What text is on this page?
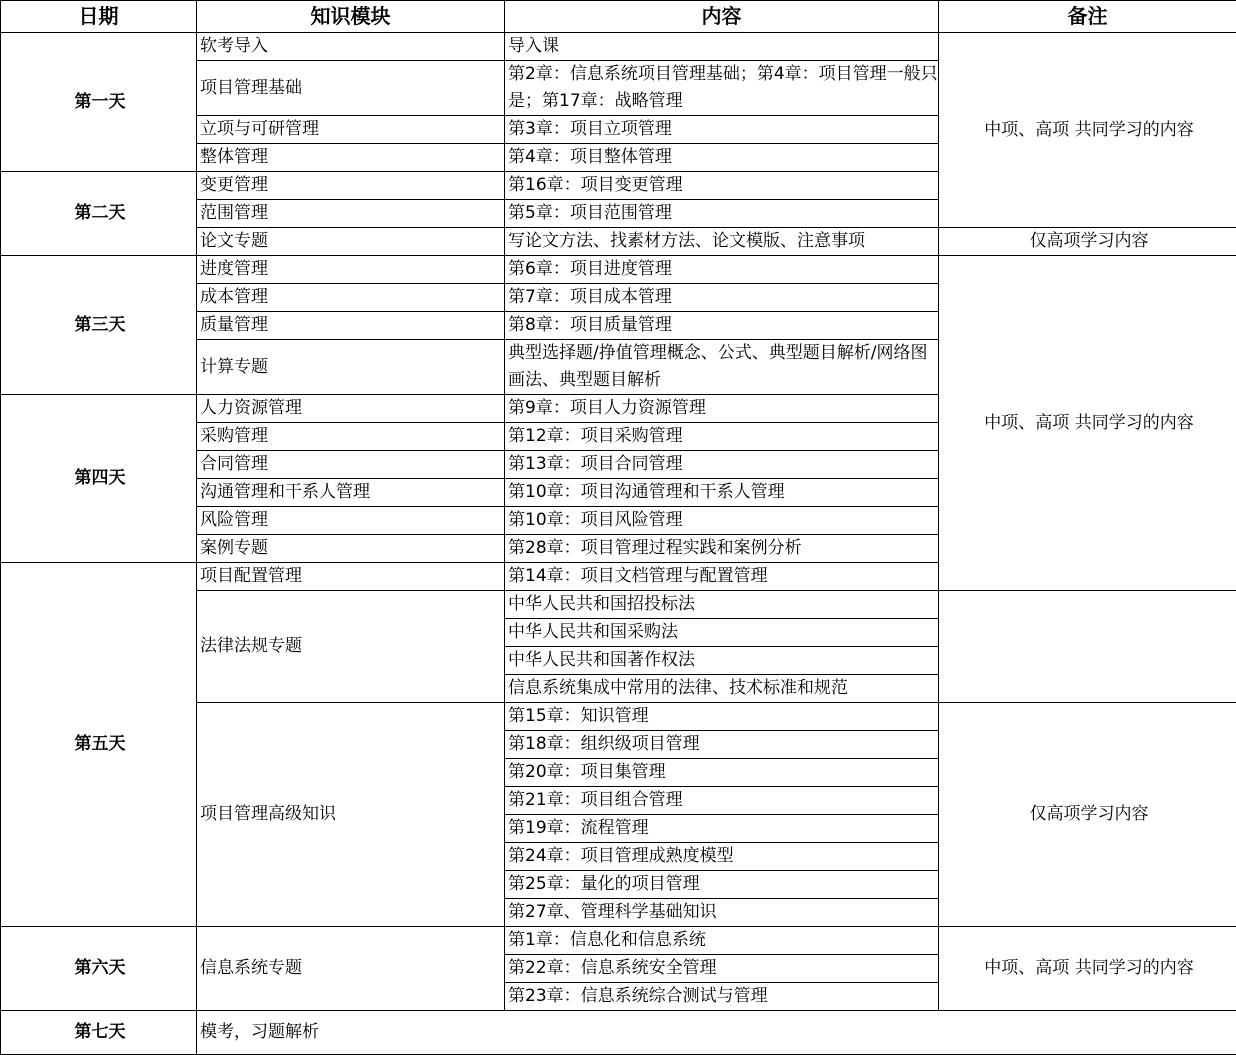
日期	知识模块	内容	备注
第一天	软考导入	导入课	中项、高项 共同学习的内容
	项目管理基础	第2章：信息系统项目管理基础；第4章：项目管理一般只是；第17章：战略管理	
	立项与可研管理	第3章：项目立项管理	
	整体管理	第4章：项目整体管理	
第二天	变更管理	第16章：项目变更管理	
	范围管理	第5章：项目范围管理	
	论文专题	写论文方法、找素材方法、论文模版、注意事项	仅高项学习内容
第三天	进度管理	第6章：项目进度管理	中项、高项 共同学习的内容
	成本管理	第7章：项目成本管理	
	质量管理	第8章：项目质量管理	
	计算专题	典型选择题/挣值管理概念、公式、典型题目解析/网络图画法、典型题目解析	
第四天	人力资源管理	第9章：项目人力资源管理	
	采购管理	第12章：项目采购管理	
	合同管理	第13章：项目合同管理	
	沟通管理和干系人管理	第10章：项目沟通管理和干系人管理	
	风险管理	第10章：项目风险管理	
	案例专题	第28章：项目管理过程实践和案例分析	
第五天	项目配置管理	第14章：项目文档管理与配置管理	
	法律法规专题	中华人民共和国招投标法	
		中华人民共和国采购法	
		中华人民共和国著作权法	
		信息系统集成中常用的法律、技术标准和规范	
	项目管理高级知识	第15章：知识管理	仅高项学习内容
		第18章：组织级项目管理	
		第20章：项目集管理	
		第21章：项目组合管理	
		第19章：流程管理	
		第24章：项目管理成熟度模型	
		第25章：量化的项目管理	
		第27章、管理科学基础知识	
第六天	信息系统专题	第1章：信息化和信息系统	中项、高项 共同学习的内容
		第22章：信息系统安全管理	
		第23章：信息系统综合测试与管理	
第七天	模考，习题解析		
